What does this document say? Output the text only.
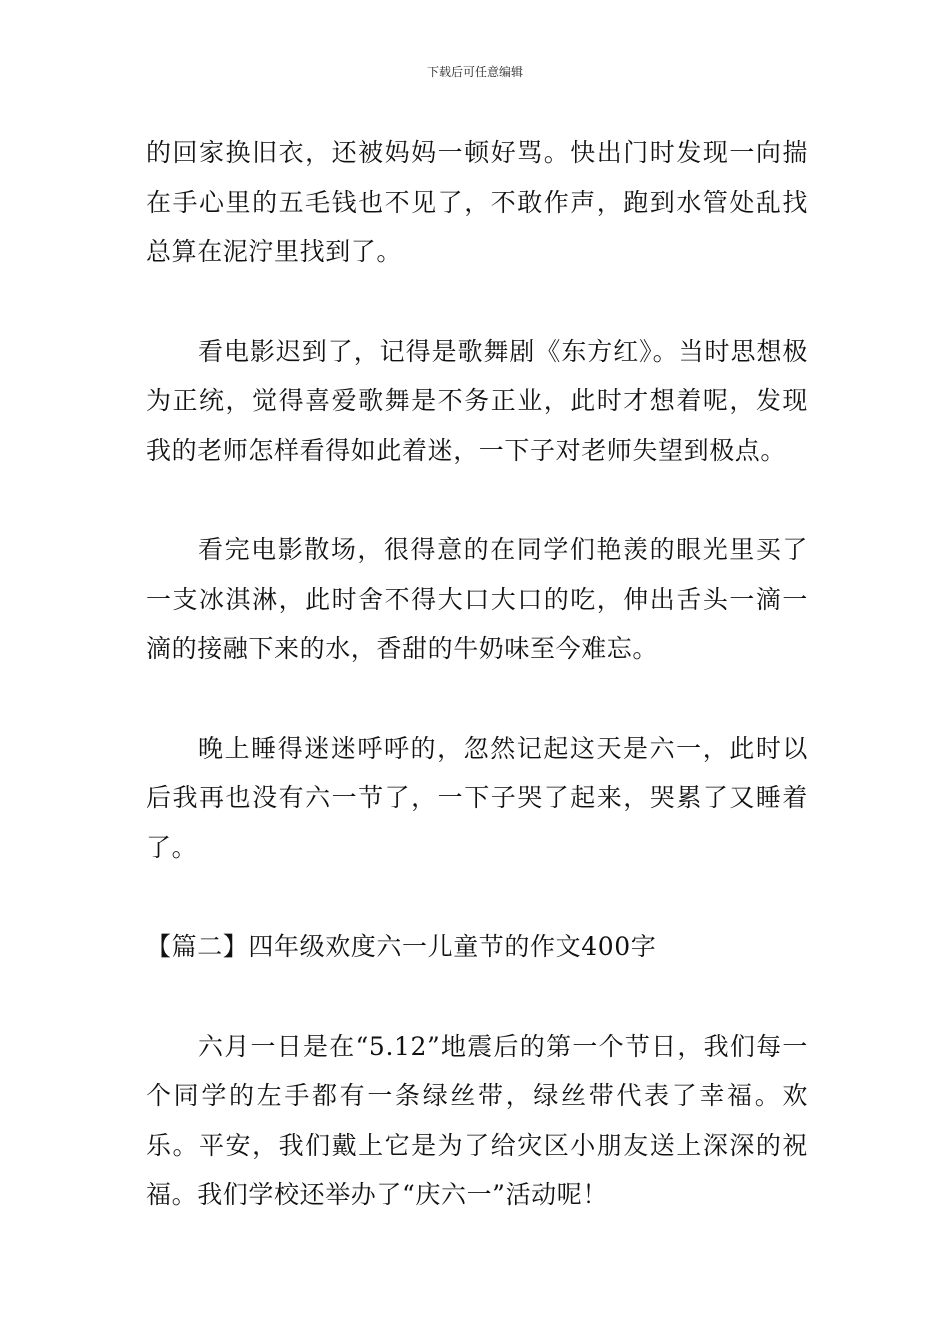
下载后可任意编辑

的回家换旧衣，还被妈妈一顿好骂。快出门时发现一向揣在手心里的五毛钱也不见了，不敢作声，跑到水管处乱找总算在泥泞里找到了。

看电影迟到了，记得是歌舞剧《东方红》。当时思想极为正统，觉得喜爱歌舞是不务正业，此时才想着呢，发现我的老师怎样看得如此着迷，一下子对老师失望到极点。

看完电影散场，很得意的在同学们艳羡的眼光里买了一支冰淇淋，此时舍不得大口大口的吃，伸出舌头一滴一滴的接融下来的水，香甜的牛奶味至今难忘。

晚上睡得迷迷呼呼的，忽然记起这天是六一，此时以后我再也没有六一节了，一下子哭了起来，哭累了又睡着了。

【篇二】四年级欢度六一儿童节的作文400字

六月一日是在“5.12”地震后的第一个节日，我们每一个同学的左手都有一条绿丝带，绿丝带代表了幸福。欢乐。平安，我们戴上它是为了给灾区小朋友送上深深的祝福。我们学校还举办了“庆六一”活动呢！
